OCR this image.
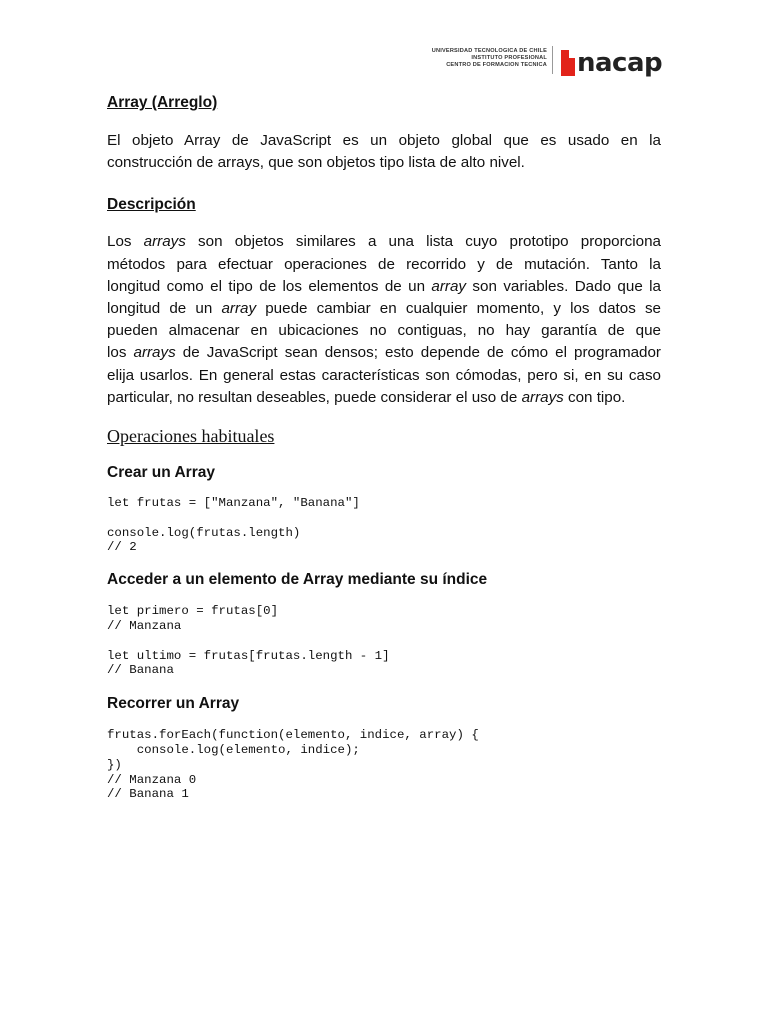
UNIVERSIDAD TECNOLOGICA DE CHILE
INSTITUTO PROFESIONAL
CENTRO DE FORMACION TECNICA nacap
Array (Arreglo)

El objeto Array de JavaScript es un objeto global que es usado en la
construcción de arrays, que son objetos tipo lista de alto nivel.

Descripción

Los arrays son objetos similares a una lista cuyo prototipo proporciona
métodos para efectuar operaciones de recorrido y de mutación. Tanto la
longitud como el tipo de los elementos de un array son variables. Dado que la
longitud de un array puede cambiar en cualquier momento, y los datos se
pueden almacenar en ubicaciones no contiguas, no hay garantía de que
los arrays de JavaScript sean densos; esto depende de cómo el programador
elija usarlos. En general estas características son cómodas, pero si, en su caso
particular, no resultan deseables, puede considerar el uso de arrays con tipo.

Operaciones habituales
Crear un Array
let frutas = ["Manzana", "Banana"]

console.log(frutas.length)
// 2
Acceder a un elemento de Array mediante su índice
let primero = frutas[0]
// Manzana

let ultimo = frutas[frutas.length - 1]
// Banana
Recorrer un Array
frutas.forEach(function(elemento, indice, array) {
console.log(elemento, indice);
})
// Manzana 0
// Banana 1
